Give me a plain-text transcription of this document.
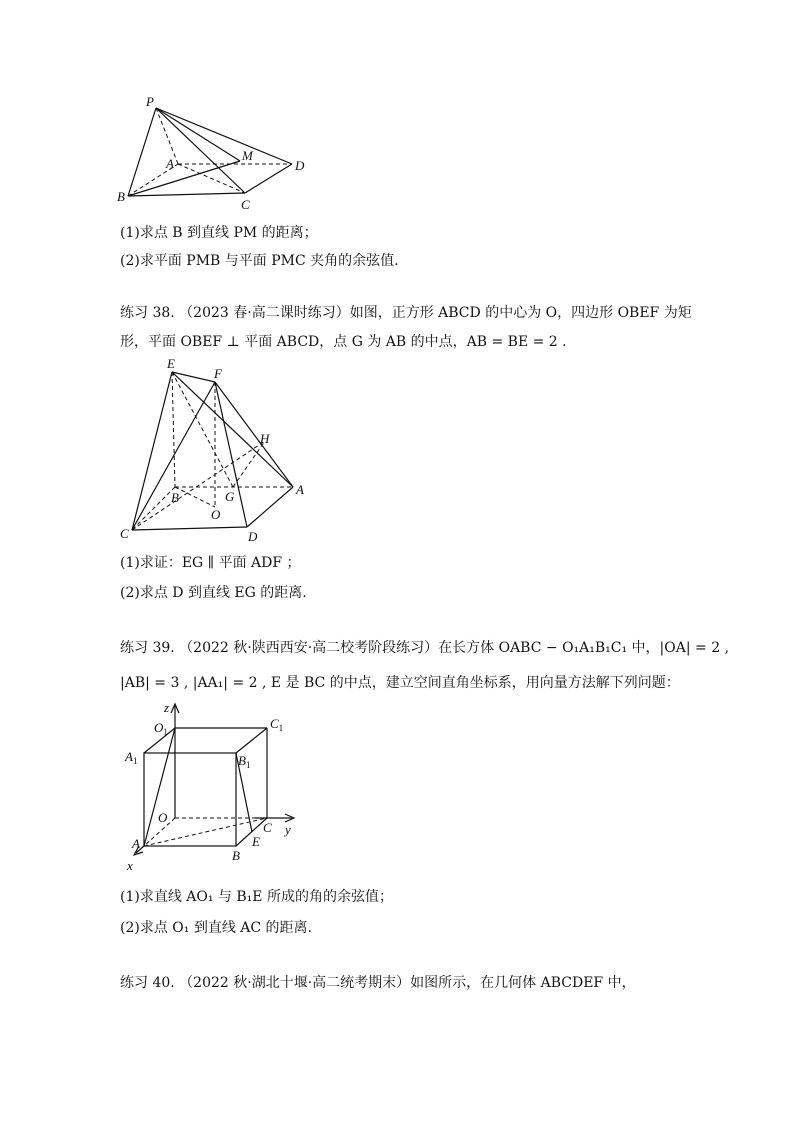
P
A
M
D
B
C
(1)求点 B 到直线 PM 的距离；
(2)求平面 PMB 与平面 PMC 夹角的余弦值.
练习 38. （2023 春·高二课时练习）如图，正方形 ABCD 的中心为 O，四边形 OBEF 为矩
形，平面 OBEF ⊥ 平面 ABCD，点 G 为 AB 的中点，AB = BE = 2 .
E
F
H
B	G	A
O
C	D
(1)求证：EG ∥ 平面 ADF ；
(2)求点 D 到直线 EG 的距离.
练习 39. （2022 秋·陕西西安·高二校考阶段练习）在长方体 OABC − O₁A₁B₁C₁ 中，|OA| = 2 ,
|AB| = 3 , |AA₁| = 2 , E 是 BC 的中点，建立空间直角坐标系，用向量方法解下列问题：
z
$O_1$
$C_1$
$A_1$	$B_1$
O
A
C y
E
B
x
(1)求直线 AO₁ 与 B₁E 所成的角的余弦值；
(2)求点 O₁ 到直线 AC 的距离.
练习 40. （2022 秋·湖北十堰·高二统考期末）如图所示，在几何体 ABCDEF 中，
